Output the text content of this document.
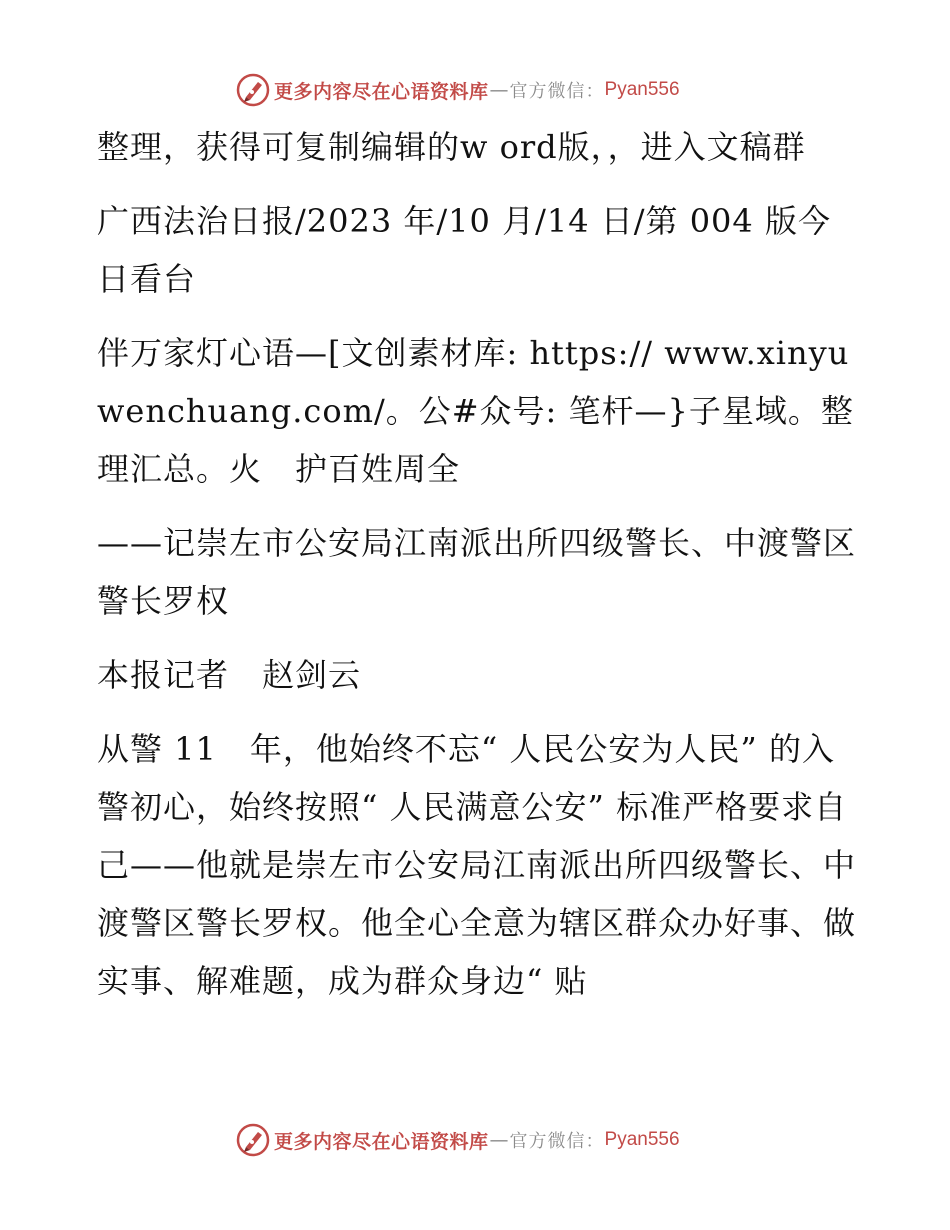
更多内容尽在心语资料库 — 官方微信： Pyan556

整理，获得可复制编辑的w ord版，，进入文稿群

广西法治日报/2023 年/10 月/14 日/第 004 版今日看台

伴万家灯心语—[文创素材库: https:// www.xinyuwenchuang.com/。公#众号: 笔杆—}子星域。整理汇总。火　护百姓周全

——记崇左市公安局江南派出所四级警长、中渡警区警长罗权

本报记者　赵剑云

从警 11　年，他始终不忘“ 人民公安为人民” 的入警初心，始终按照“ 人民满意公安” 标准严格要求自己——他就是崇左市公安局江南派出所四级警长、中渡警区警长罗权。他全心全意为辖区群众办好事、做实事、解难题，成为群众身边“ 贴

更多内容尽在心语资料库 — 官方微信： Pyan556
